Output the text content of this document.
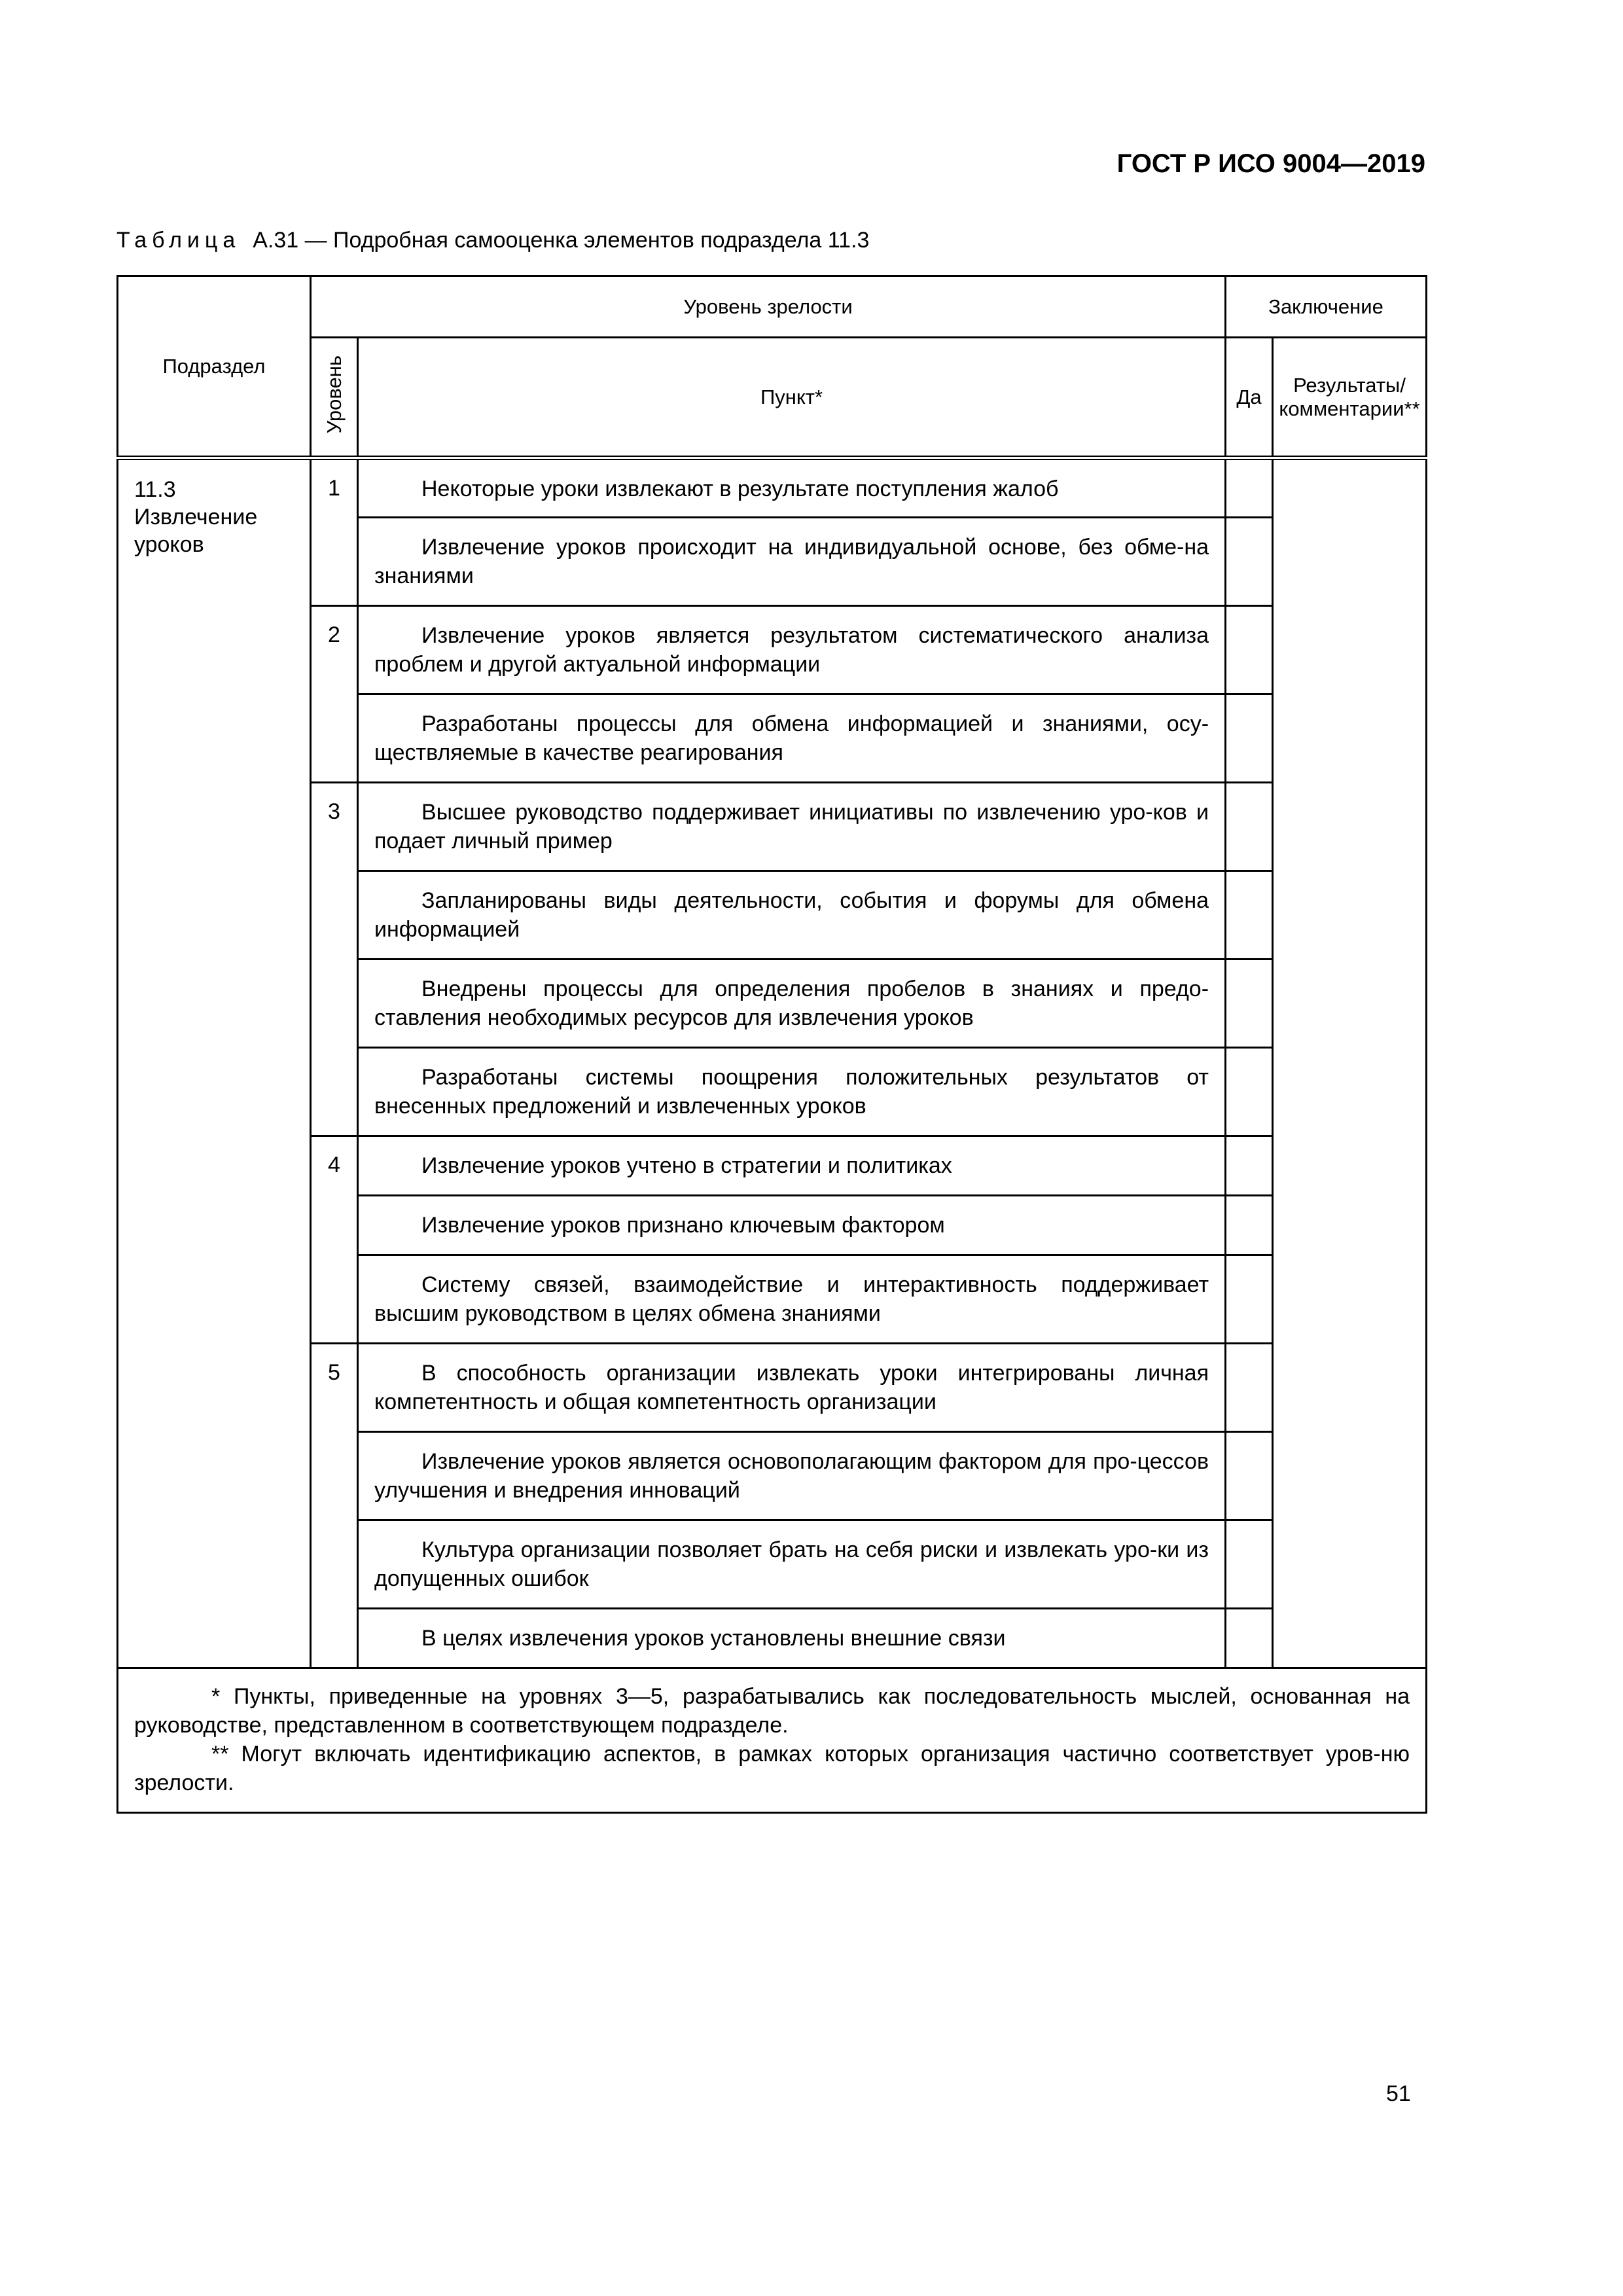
ГОСТ Р ИСО 9004—2019
Таблица А.31 — Подробная самооценка элементов подраздела 11.3
Подраздел	Уровень зрелости		Заключение	
	Уровень	Пункт*	Да	Результаты/ комментарии**

11.3
Извлечение уроков	1	Некоторые уроки извлекают в результате поступления жалоб		

		Извлечение уроков происходит на индивидуальной основе, без обме-на знаниями		

	2	Извлечение уроков является результатом систематического анализа проблем и другой актуальной информации		

		Разработаны процессы для обмена информацией и знаниями, осу-ществляемые в качестве реагирования		

	3	Высшее руководство поддерживает инициативы по извлечению уро-ков и подает личный пример		

		Запланированы виды деятельности, события и форумы для обмена информацией		

		Внедрены процессы для определения пробелов в знаниях и предо-ставления необходимых ресурсов для извлечения уроков		

		Разработаны системы поощрения положительных результатов от внесенных предложений и извлеченных уроков		

	4	Извлечение уроков учтено в стратегии и политиках		

		Извлечение уроков признано ключевым фактором		

		Систему связей, взаимодействие и интерактивность поддерживает высшим руководством в целях обмена знаниями		

	5	В способность организации извлекать уроки интегрированы личная компетентность и общая компетентность организации		

		Извлечение уроков является основополагающим фактором для про-цессов улучшения и внедрения инноваций		

		Культура организации позволяет брать на себя риски и извлекать уро-ки из допущенных ошибок		

		В целях извлечения уроков установлены внешние связи		

* Пункты, приведенные на уровнях 3—5, разрабатывались как последовательность мыслей, основанная на руководстве, представленном в соответствующем подразделе.

** Могут включать идентификацию аспектов, в рамках которых организация частично соответствует уров-ню зрелости.				

51
